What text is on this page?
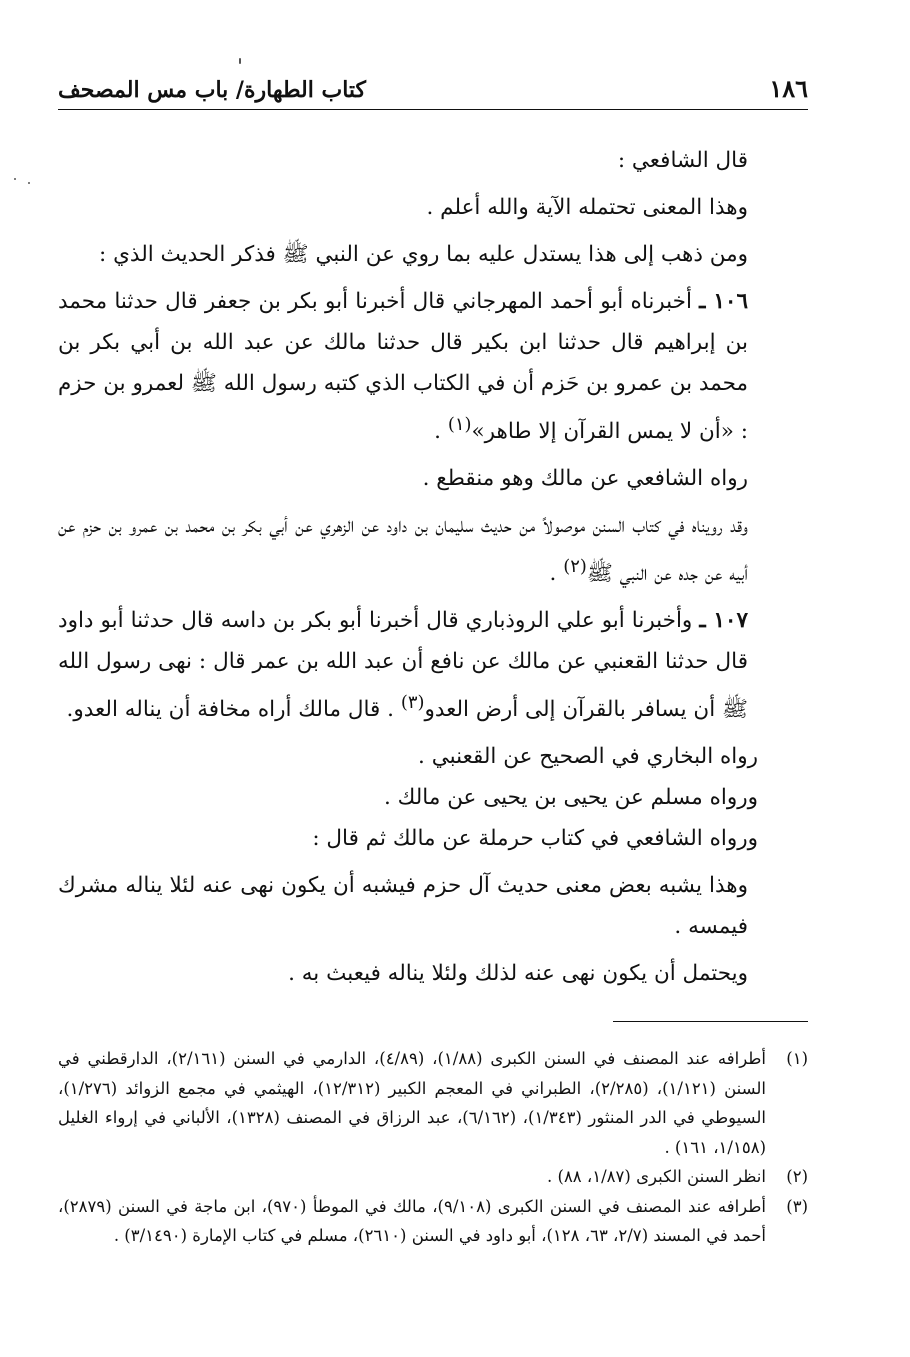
١٨٦
كتاب الطهارة/ باب مس المصحف

قال الشافعي :

وهذا المعنى تحتمله الآية والله أعلم .

ومن ذهب إلى هذا يستدل عليه بما روي عن النبي ﷺ فذكر الحديث الذي :

١٠٦ ـ أخبرناه أبو أحمد المهرجاني قال أخبرنا أبو بكر بن جعفر قال حدثنا محمد بن إبراهيم قال حدثنا ابن بكير قال حدثنا مالك عن عبد الله بن أبي بكر بن محمد بن عمرو بن حَزم أن في الكتاب الذي كتبه رسول الله ﷺ لعمرو بن حزم : «أن لا يمس القرآن إلا طاهر»$^{(١)}$ .

رواه الشافعي عن مالك وهو منقطع .

وقد رويناه في كتاب السنن موصولاً من حديث سليمان بن داود عن الزهري عن أبي بكر بن محمد بن عمرو بن حزم عن أبيه عن جده عن النبي ﷺ$^{(٢)}$ .

١٠٧ ـ وأخبرنا أبو علي الروذباري قال أخبرنا أبو بكر بن داسه قال حدثنا أبو داود قال حدثنا القعنبي عن مالك عن نافع أن عبد الله بن عمر قال : نهى رسول الله ﷺ أن يسافر بالقرآن إلى أرض العدو$^{(٣)}$ . قال مالك أراه مخافة أن يناله العدو.

رواه البخاري في الصحيح عن القعنبي .

ورواه مسلم عن يحيى بن يحيى عن مالك .

ورواه الشافعي في كتاب حرملة عن مالك ثم قال :

وهذا يشبه بعض معنى حديث آل حزم فيشبه أن يكون نهى عنه لئلا يناله مشرك فيمسه .

ويحتمل أن يكون نهى عنه لذلك ولئلا يناله فيعبث به .

(١)
أطرافه عند المصنف في السنن الكبرى (١/٨٨)، (٤/٨٩)، الدارمي في السنن (٢/١٦١)، الدارقطني في السنن (١/١٢١)، (٢/٢٨٥)، الطبراني في المعجم الكبير (١٢/٣١٢)، الهيثمي في مجمع الزوائد (١/٢٧٦)، السيوطي في الدر المنثور (١/٣٤٣)، (٦/١٦٢)، عبد الرزاق في المصنف (١٣٢٨)، الألباني في إرواء الغليل (١/١٥٨، ١٦١) .
(٢)
انظر السنن الكبرى (١/٨٧، ٨٨) .
(٣)
أطرافه عند المصنف في السنن الكبرى (٩/١٠٨)، مالك في الموطأ (٩٧٠)، ابن ماجة في السنن (٢٨٧٩)، أحمد في المسند (٢/٧، ٦٣، ١٢٨)، أبو داود في السنن (٢٦١٠)، مسلم في كتاب الإمارة (٣/١٤٩٠) .
